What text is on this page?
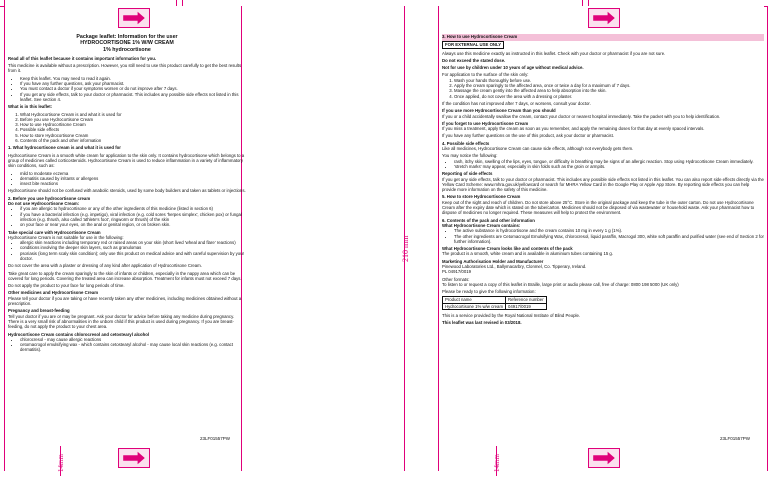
210 mm
14mm	14mm
Package leaflet: Information for the user
HYDROCORTISONE 1% W/W CREAM
1% hydrocortisone

Read all of this leaflet because it contains important information for you.

This medicine is available without a prescription. However, you still need to use this product carefully to get the best results from it.

• Keep this leaflet. You may need to read it again.
• If you have any further questions, ask your pharmacist.
• You must contact a doctor if your symptoms worsen or do not improve after 7 days.
• If you get any side effects, talk to your doctor or pharmacist. This includes any possible side effects not listed in this leaflet. See section 4.

What is in this leaflet:

1. What Hydrocortisone Cream is and what it is used for
2. Before you use Hydrocortisone Cream
3. How to use Hydrocortisone Cream
4. Possible side effects
5. How to store Hydrocortisone Cream
6. Contents of the pack and other information

1. What hydrocortisone cream is and what it is used for

Hydrocortisone Cream is a smooth white cream for application to the skin only. It contains hydrocortisone which belongs to a group of medicines called corticosteroids. Hydrocortisone Cream is used to reduce inflammation in a variety of inflammatory skin conditions, such as:

• mild to moderate eczema
• dermatitis caused by irritants or allergens
• insect bite reactions

Hydrocortisone should not be confused with anabolic steroids, used by some body builders and taken as tablets or injections.

2. Before you use hydrocortisone cream

Do not use Hydrocortisone Cream:

• if you are allergic to hydrocortisone or any of the other ingredients of this medicine (listed in section 6)
• if you have a bacterial infection (e.g. impetigo), viral infection (e.g. cold sores 'herpes simplex', chicken pox) or fungal infection (e.g. thrush, also called 'athlete's foot', ringworm or thrush) of the skin
• on your face or near your eyes, on the anal or genital region, or on broken skin.

Take special care with Hydrocortisone Cream

Hydrocortisone Cream is not suitable for use in the following:

• allergic skin reactions including temporary red or raised areas on your skin (short lived 'wheal and flare' reactions)
• conditions involving the deeper skin layers, such as granulomas
• psoriasis (long term scaly skin condition); only use this product on medical advice and with careful supervision by your doctor.

Do not cover the area with a plaster or dressing of any kind after application of Hydrocortisone Cream.

Take great care to apply the cream sparingly to the skin of infants or children, especially in the nappy area which can be covered for long periods. Covering the treated area can increase absorption. Treatment for infants must not exceed 7 days.

Do not apply the product to your face for long periods of time.

Other medicines and Hydrocortisone Cream

Please tell your doctor if you are taking or have recently taken any other medicines, including medicines obtained without a prescription.

Pregnancy and breast-feeding

Tell your doctor if you are or may be pregnant. Ask your doctor for advice before taking any medicine during pregnancy. There is a very small risk of abnormalities in the unborn child if this product is used during pregnancy. If you are breast-feeding, do not apply the product to your chest area.

Hydrocortisone Cream contains chlorocresol and cetostearyl alcohol

• chlorocresol - may cause allergic reactions
• cetomacrogol emulsifying wax - which contains cetostearyl alcohol - may cause local skin reactions (e.g. contact dermatitis).
23LF01557PW

3. How to use Hydrocortisone Cream

FOR EXTERNAL USE ONLY

Always use this medicine exactly as instructed in this leaflet. Check with your doctor or pharmacist if you are not sure.

Do not exceed the stated dose.

Not for use by children under 10 years of age without medical advice.

For application to the surface of the skin only:

1. Wash your hands thoroughly before use.
2. Apply the cream sparingly to the affected area, once or twice a day for a maximum of 7 days.
3. Massage the cream gently into the affected area to help absorption into the skin.
4. Once applied, do not cover the area with a dressing or plaster.

If the condition has not improved after 7 days, or worsens, consult your doctor.

If you use more Hydrocortisone Cream than you should

If you or a child accidentally swallow the cream, contact your doctor or nearest hospital immediately. Take the packet with you to help identification.

If you forget to use Hydrocortisone Cream

If you miss a treatment, apply the cream as soon as you remember, and apply the remaining doses for that day at evenly spaced intervals.

If you have any further questions on the use of this product, ask your doctor or pharmacist.

4. Possible side effects

Like all medicines, Hydrocortisone Cream can cause side effects, although not everybody gets them.

You may notice the following:

• rash, itchy skin, swelling of the lips, eyes, tongue, or difficulty in breathing may be signs of an allergic reaction. Stop using Hydrocortisone Cream immediately.
• 'stretch marks' may appear, especially in skin folds such as the groin or armpits.

Reporting of side effects

If you get any side effects, talk to your doctor or pharmacist. This includes any possible side effects not listed in this leaflet. You can also report side effects directly via the Yellow Card Scheme: www.mhra.gov.uk/yellowcard or search for MHRA Yellow Card in the Google Play or Apple App Store. By reporting side effects you can help provide more information on the safety of this medicine.

5. How to store Hydrocortisone Cream

Keep out of the sight and reach of children. Do not store above 25°C. Store in the original package and keep the tube in the outer carton. Do not use Hydrocortisone Cream after the expiry date which is stated on the tube/carton. Medicines should not be disposed of via wastewater or household waste. Ask your pharmacist how to dispose of medicines no longer required. These measures will help to protect the environment.

6. Contents of the pack and other information

What Hydrocortisone Cream contains:

• The active substance is hydrocortisone and the cream contains 10 mg in every 1 g (1%).
• The other ingredients are Cetomacrogol Emulsifying Wax, chlorocresol, liquid paraffin, Macrogol 300, white soft paraffin and purified water (see end of Section 2 for further information).

What Hydrocortisone Cream looks like and contents of the pack

The product is a smooth, white cream and is available in aluminium tubes containing 15 g.

Marketing Authorisation Holder and Manufacturer

Pinewood Laboratories Ltd., Ballymacarbry, Clonmel, Co. Tipperary, Ireland.

PL 04917/0019

Other formats:

To listen to or request a copy of this leaflet in Braille, large print or audio please call, free of charge: 0800 198 5000 (UK only)

Please be ready to give the following information:

Product name	Reference number
Hydrocortisone 1% w/w cream	04917/0019

This is a service provided by the Royal National Institute of Blind People.

This leaflet was last revised in 03/2018.

23LF01557PW
